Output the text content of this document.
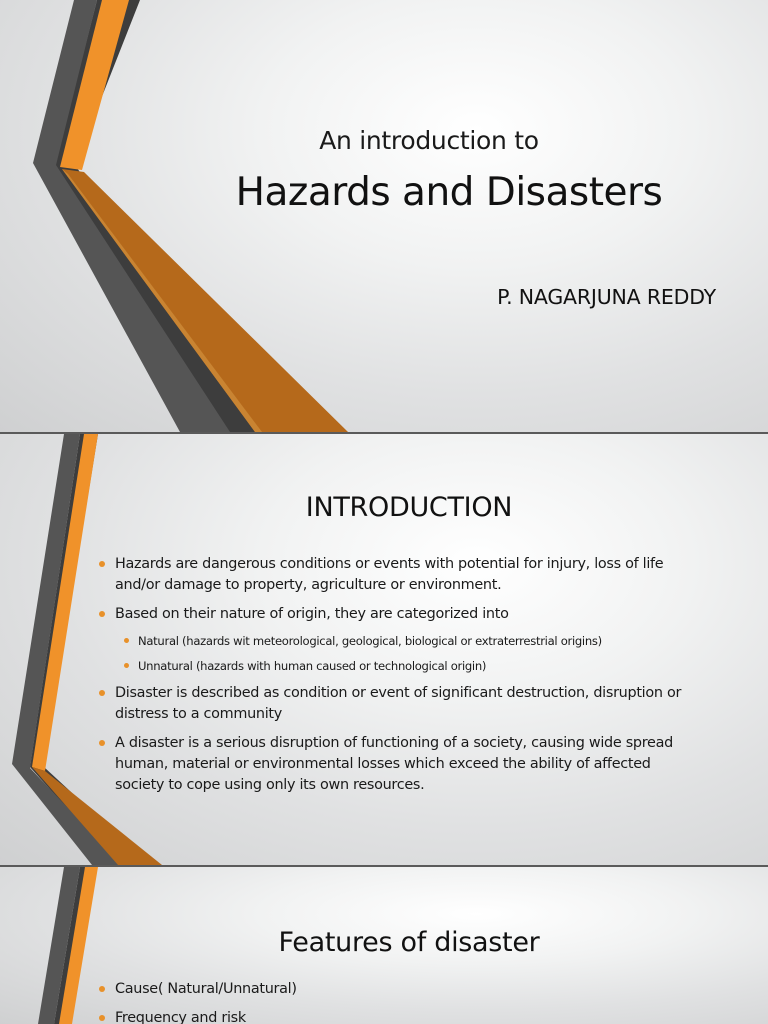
An introduction to
Hazards and Disasters
P. NAGARJUNA REDDY
INTRODUCTION
Hazards are dangerous conditions or events with potential for injury, loss of life and/or damage to property, agriculture or environment.
Based on their nature of origin, they are categorized into
Natural (hazards wit meteorological, geological, biological or extraterrestrial origins)
Unnatural (hazards with human caused or technological origin)
Disaster is described as condition or event of significant destruction, disruption or distress to a community
A disaster is a serious disruption of functioning of a society, causing wide spread human, material or environmental losses which exceed the ability of affected society to cope using only its own resources.
Features of disaster
Cause( Natural/Unnatural)
Frequency and risk
